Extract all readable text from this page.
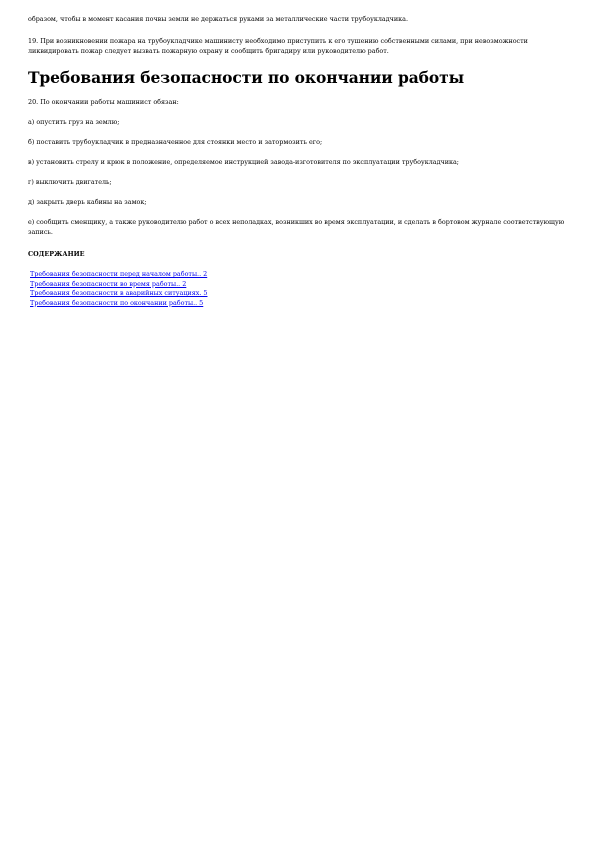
образом, чтобы в момент касания почвы земли не держаться руками за металлические части трубоукладчика.

19. При возникновении пожара на трубоукладчике машинисту необходимо приступить к его тушению собственными силами, при невозможности ликвидировать пожар следует вызвать пожарную охрану и сообщить бригадиру или руководителю работ.

Требования безопасности по окончании работы

20. По окончании работы машинист обязан:

а) опустить груз на землю;

б) поставить трубоукладчик в предназначенное для стоянки место и затормозить его;

в) установить стрелу и крюк в положение, определяемое инструкцией завода-изготовителя по эксплуатации трубоукладчика;

г) выключить двигатель;

д) закрыть дверь кабины на замок;

е) сообщить сменщику, а также руководителю работ о всех неполадках, возникших во время эксплуатации, и сделать в бортовом журнале соответствующую запись.

СОДЕРЖАНИЕ
Требования безопасности перед началом работы.. 2
Требования безопасности во время работы.. 2
Требования безопасности в аварийных ситуациях. 5
Требования безопасности по окончании работы.. 5
